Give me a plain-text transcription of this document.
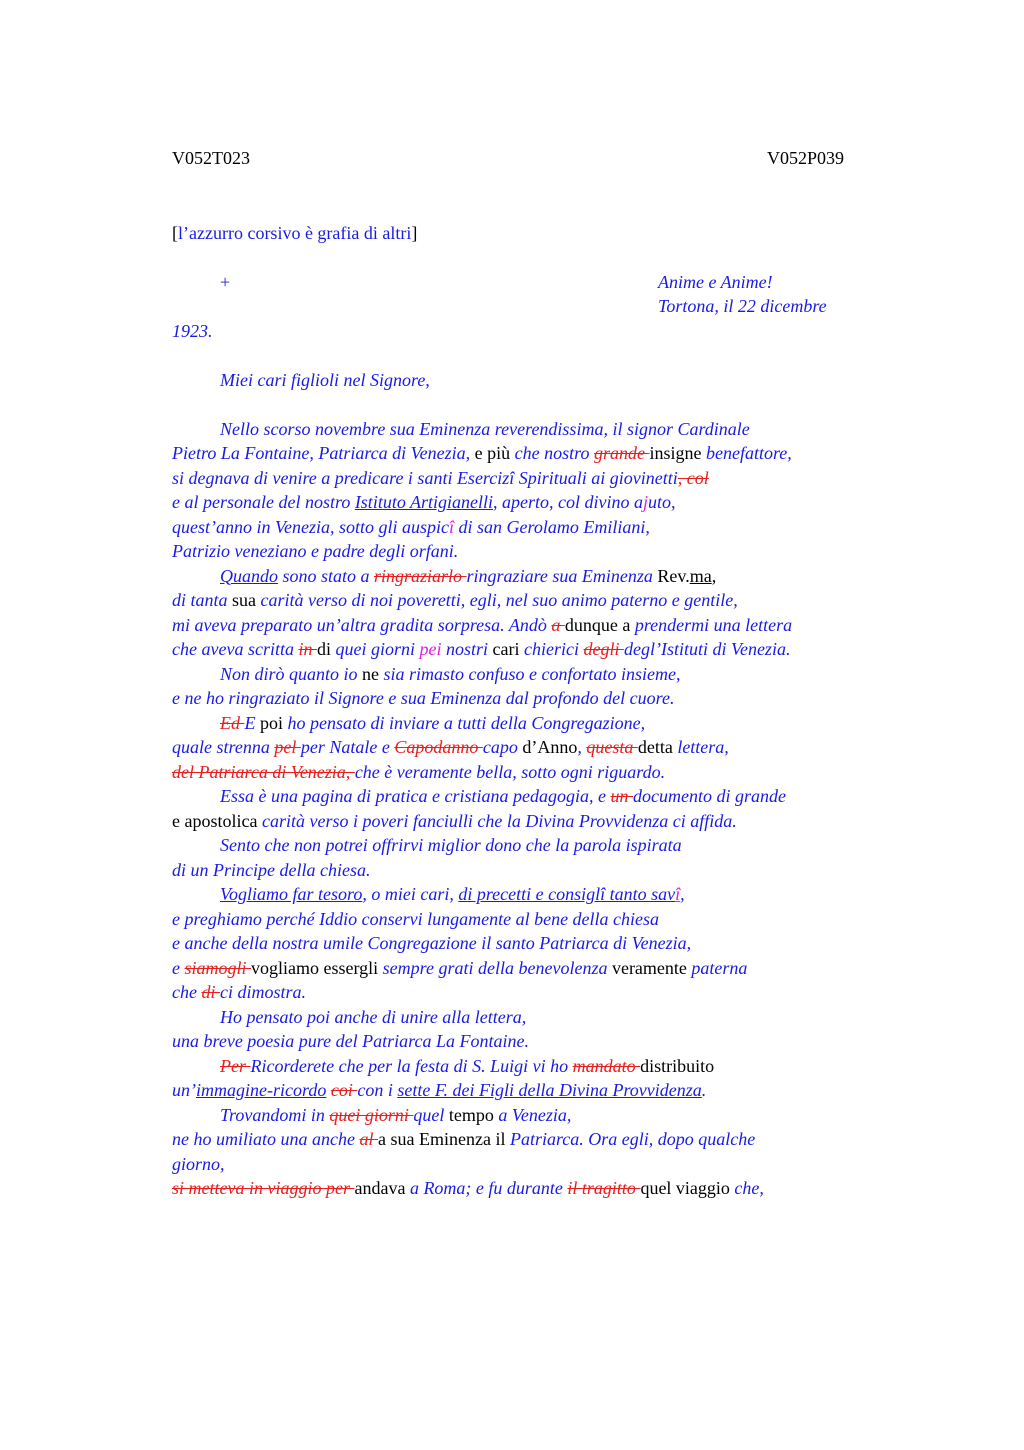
V052T023	V052P039
[l’azzurro corsivo è grafia di altri]
+	Anime e Anime!
Tortona, il 22 dicembre
1923.
Miei cari figlioli nel Signore,
Nello scorso novembre sua Eminenza reverendissima, il signor Cardinale
Pietro La Fontaine, Patriarca di Venezia, e più che nostro grande insigne benefattore,
si degnava di venire a predicare i santi Esercizî Spirituali ai giovinetti, col
e al personale del nostro Istituto Artigianelli, aperto, col divino ajuto,
quest’anno in Venezia, sotto gli auspicî di san Gerolamo Emiliani,
Patrizio veneziano e padre degli orfani.
Quando sono stato a ringraziarlo ringraziare sua Eminenza Rev.ma,
di tanta sua carità verso di noi poveretti, egli, nel suo animo paterno e gentile,
mi aveva preparato un’altra gradita sorpresa. Andò a dunque a prendermi una lettera
che aveva scritta in di quei giorni pei nostri cari chierici degli degl’Istituti di Venezia.
Non dirò quanto io ne sia rimasto confuso e confortato insieme,
e ne ho ringraziato il Signore e sua Eminenza dal profondo del cuore.
Ed E poi ho pensato di inviare a tutti della Congregazione,
quale strenna pel per Natale e Capodanno capo d’Anno, questa detta lettera,
del Patriarca di Venezia, che è veramente bella, sotto ogni riguardo.
Essa è una pagina di pratica e cristiana pedagogia, e un documento di grande
e apostolica carità verso i poveri fanciulli che la Divina Provvidenza ci affida.
Sento che non potrei offrirvi miglior dono che la parola ispirata
di un Principe della chiesa.
Vogliamo far tesoro, o miei cari, di precetti e consiglî tanto savî,
e preghiamo perché Iddio conservi lungamente al bene della chiesa
e anche della nostra umile Congregazione il santo Patriarca di Venezia,
e siamogli vogliamo essergli sempre grati della benevolenza veramente paterna
che di ci dimostra.
Ho pensato poi anche di unire alla lettera,
una breve poesia pure del Patriarca La Fontaine.
Per Ricorderete che per la festa di S. Luigi vi ho mandato distribuito
un’immagine-ricordo coi con i sette F. dei Figli della Divina Provvidenza.
Trovandomi in quei giorni quel tempo a Venezia,
ne ho umiliato una anche al a sua Eminenza il Patriarca. Ora egli, dopo qualche
giorno,
si metteva in viaggio per andava a Roma; e fu durante il tragitto quel viaggio che,
